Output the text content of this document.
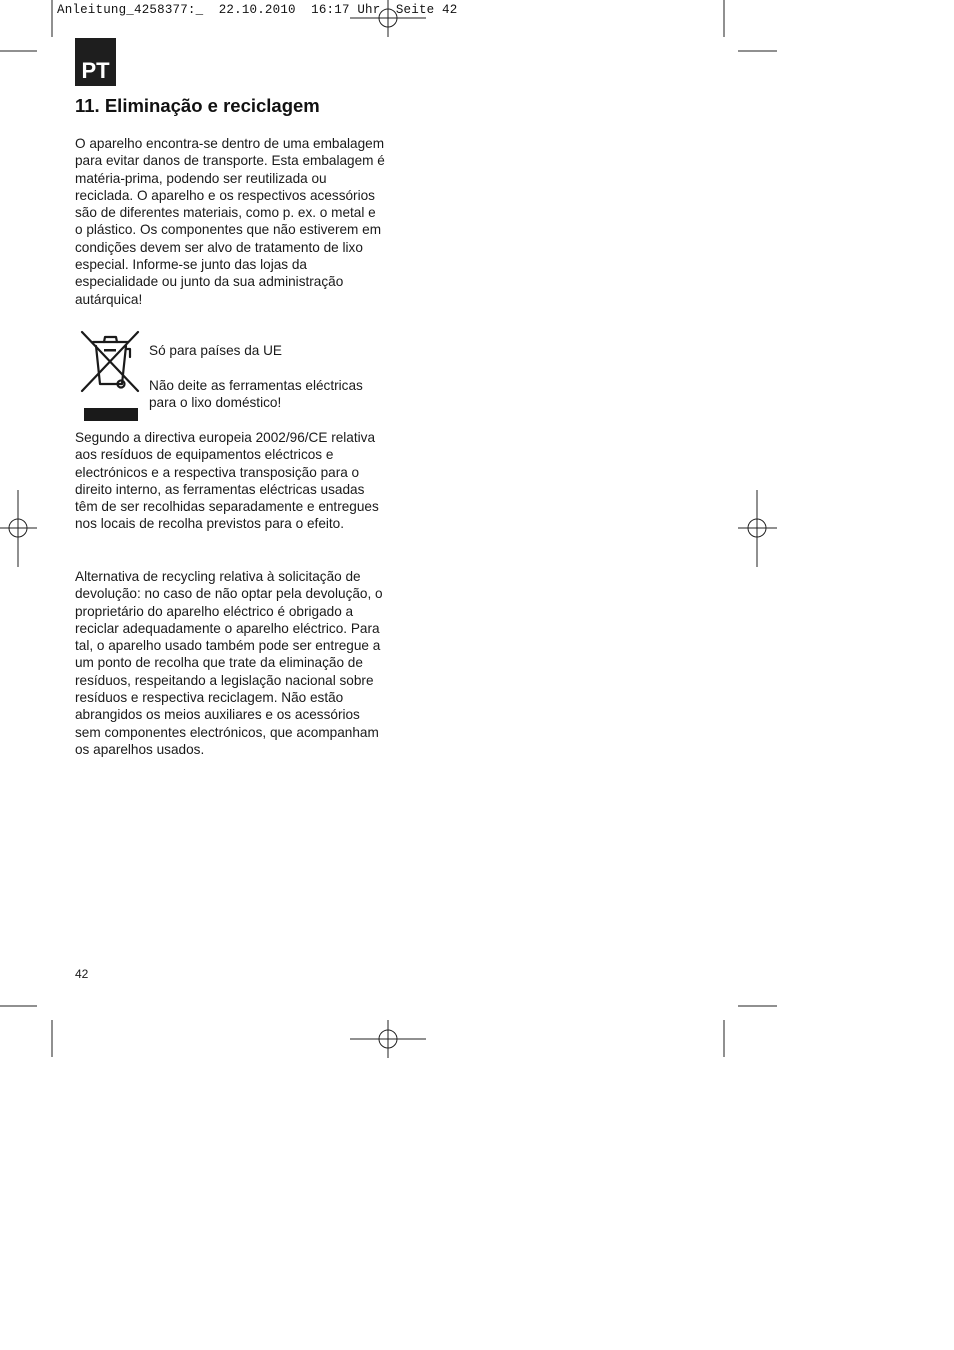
Anleitung_4258377:_  22.10.2010  16:17 Uhr  Seite 42
PT
11. Eliminação e reciclagem

O aparelho encontra-se dentro de uma embalagem para evitar danos de transporte. Esta embalagem é matéria-prima, podendo ser reutilizada ou reciclada. O aparelho e os respectivos acessórios são de diferentes materiais, como p. ex. o metal e o plástico. Os componentes que não estiverem em condições devem ser alvo de tratamento de lixo especial. Informe-se junto das lojas da especialidade ou junto da sua administração autárquica!

Só para países da UE

Não deite as ferramentas eléctricas para o lixo doméstico!

Segundo a directiva europeia 2002/96/CE relativa aos resíduos de equipamentos eléctricos e electrónicos e a respectiva transposição para o direito interno, as ferramentas eléctricas usadas têm de ser recolhidas separadamente e entregues nos locais de recolha previstos para o efeito.

Alternativa de recycling relativa à solicitação de devolução: no caso de não optar pela devolução, o proprietário do aparelho eléctrico é obrigado a reciclar adequadamente o aparelho eléctrico. Para tal, o aparelho usado também pode ser entregue a um ponto de recolha que trate da eliminação de resíduos, respeitando a legislação nacional sobre resíduos e respectiva reciclagem. Não estão abrangidos os meios auxiliares e os acessórios sem componentes electrónicos, que acompanham os aparelhos usados.

42
